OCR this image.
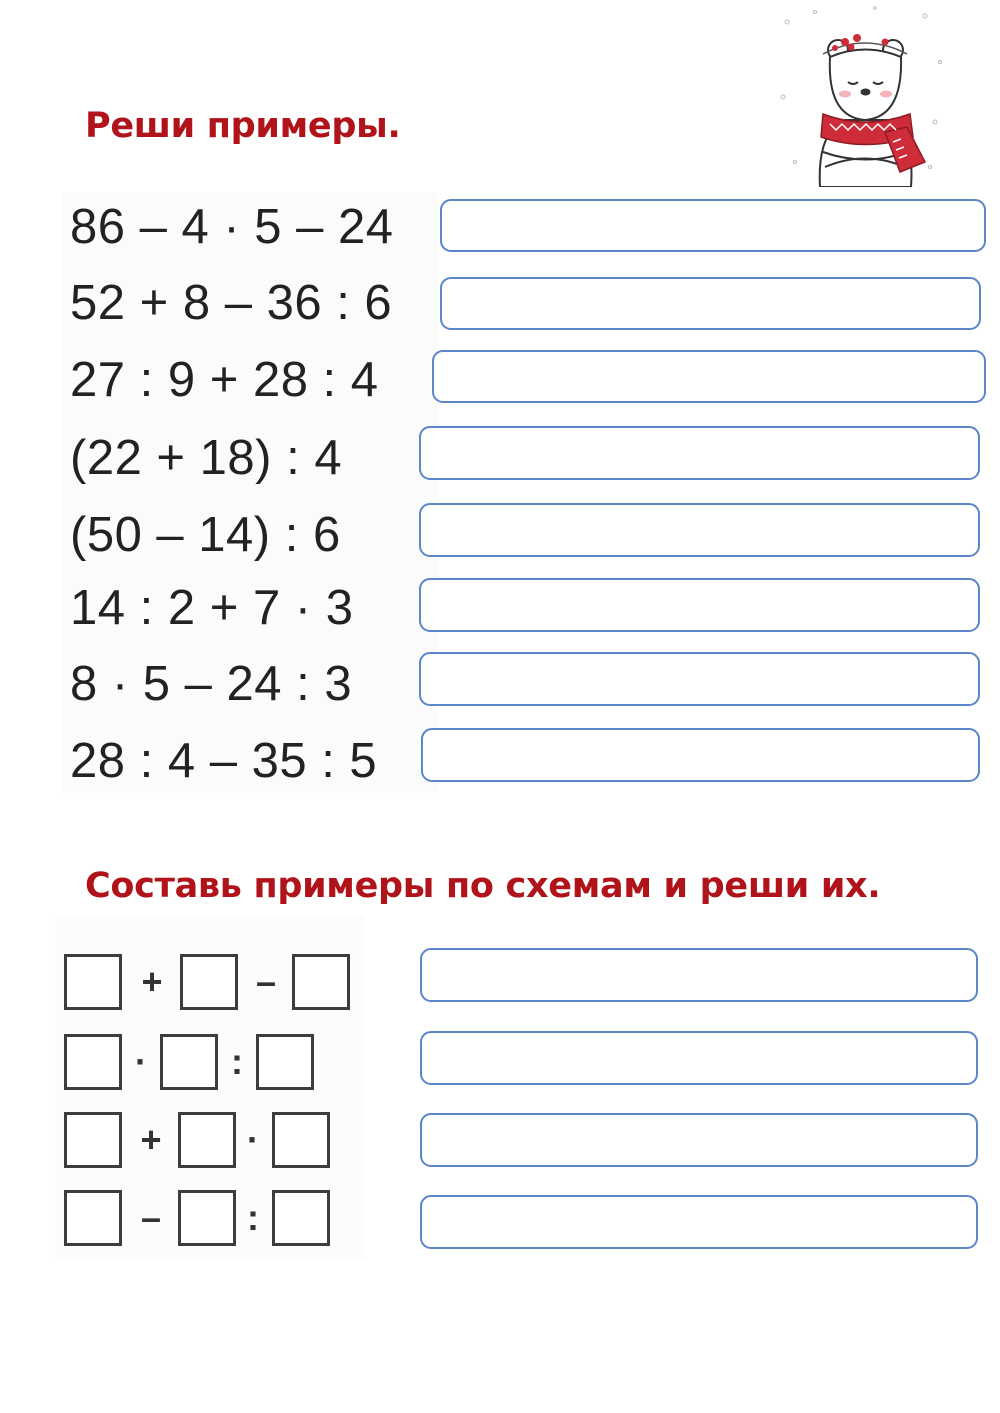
Реши примеры.
86 – 4 · 5 – 24
52 + 8 – 36 : 6
27 : 9 + 28 : 4
(22 + 18) : 4
(50 – 14) : 6
14 : 2 + 7 · 3
8 · 5 – 24 : 3
28 : 4 – 35 : 5
Составь примеры по схемам и реши их.
+	–
·	:
+	·
–	:
